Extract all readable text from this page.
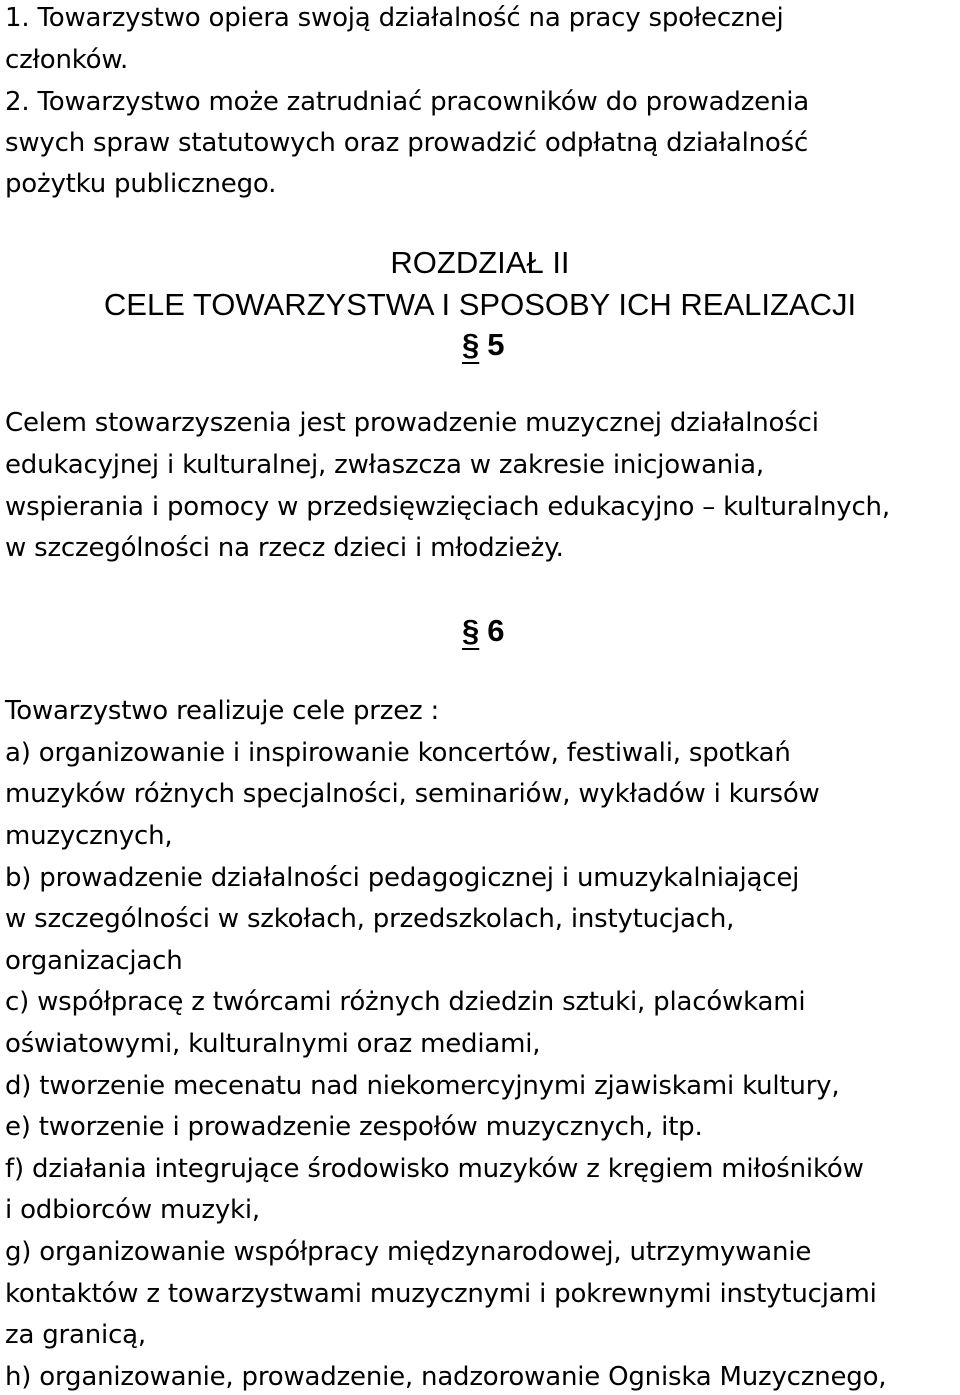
1. Towarzystwo opiera swoją działalność na pracy społecznej
członków.
2. Towarzystwo może zatrudniać pracowników do prowadzenia
swych spraw statutowych oraz prowadzić odpłatną działalność
pożytku publicznego.
ROZDZIAŁ II
CELE TOWARZYSTWA I SPOSOBY ICH REALIZACJI
§ 5
Celem stowarzyszenia jest prowadzenie muzycznej działalności
edukacyjnej i kulturalnej, zwłaszcza w zakresie inicjowania,
wspierania i pomocy w przedsięwzięciach edukacyjno – kulturalnych,
w szczególności na rzecz dzieci i młodzieży.
§ 6
Towarzystwo realizuje cele przez :
a) organizowanie i inspirowanie koncertów, festiwali, spotkań
muzyków różnych specjalności, seminariów, wykładów i kursów
muzycznych,
b) prowadzenie działalności pedagogicznej i umuzykalniającej
w szczególności w szkołach, przedszkolach, instytucjach,
organizacjach
c) współpracę z twórcami różnych dziedzin sztuki, placówkami
oświatowymi, kulturalnymi oraz mediami,
d) tworzenie mecenatu nad niekomercyjnymi zjawiskami kultury,
e) tworzenie i prowadzenie zespołów muzycznych, itp.
f) działania integrujące środowisko muzyków z kręgiem miłośników
i odbiorców muzyki,
g) organizowanie współpracy międzynarodowej, utrzymywanie
kontaktów z towarzystwami muzycznymi i pokrewnymi instytucjami
za granicą,
h) organizowanie, prowadzenie, nadzorowanie Ogniska Muzycznego,
